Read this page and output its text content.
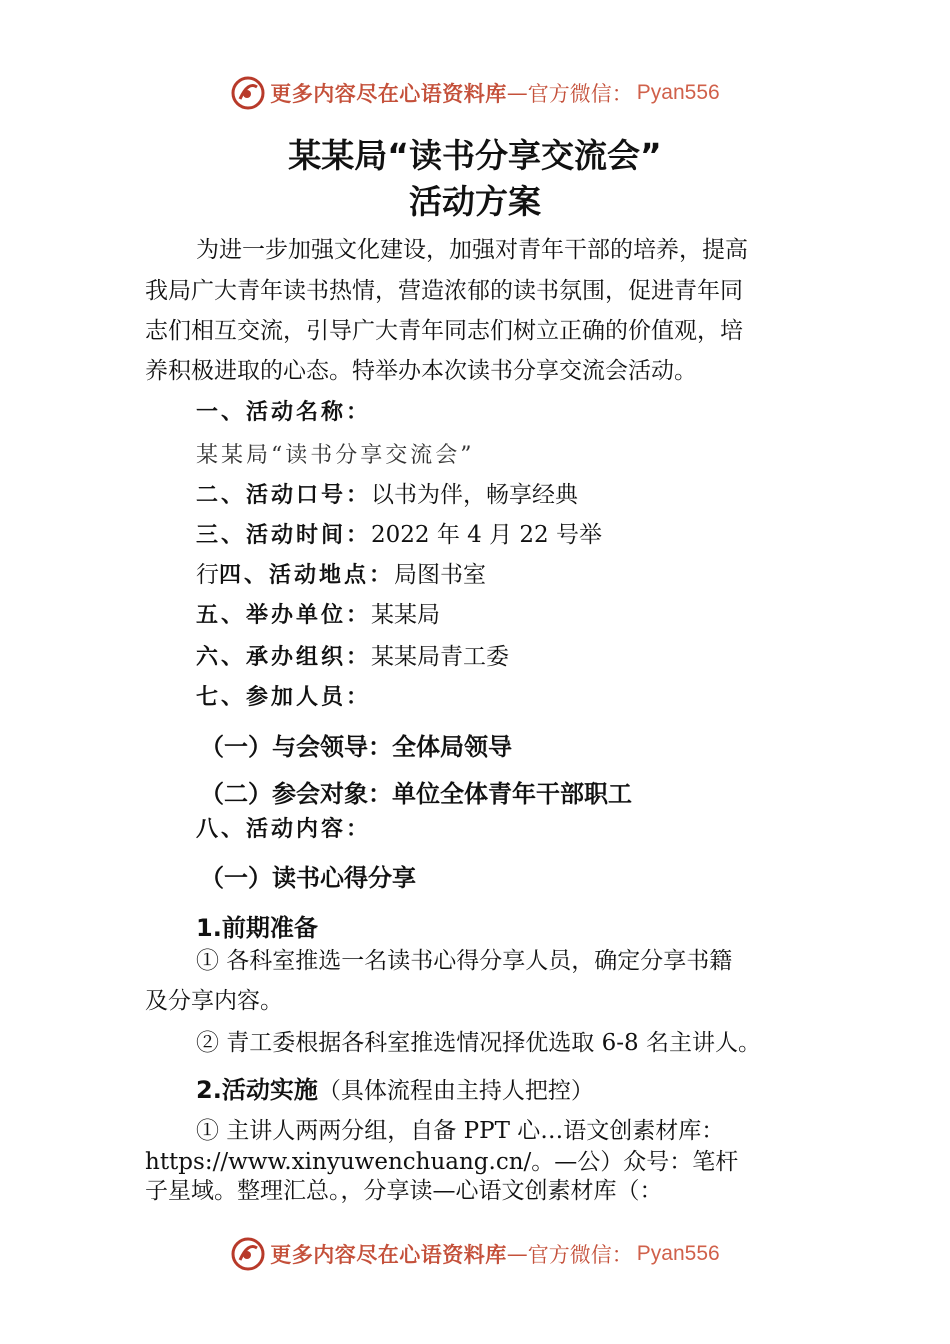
更多内容尽在心语资料库 — 官方微信： Pyan556
某某局“读书分享交流会”
活动方案
为进一步加强文化建设，加强对青年干部的培养，提高
我局广大青年读书热情，营造浓郁的读书氛围，促进青年同
志们相互交流，引导广大青年同志们树立正确的价值观，培
养积极进取的心态。特举办本次读书分享交流会活动。
一、活动名称：
某某局“读书分享交流会”
二、活动口号：以书为伴，畅享经典
三、活动时间：2022 年 4 月 22 号举
行四、活动地点：局图书室
五、举办单位：某某局
六、承办组织：某某局青工委
七、参加人员：
（一）与会领导：全体局领导
（二）参会对象：单位全体青年干部职工
八、活动内容：
（一）读书心得分享
1.前期准备
① 各科室推选一名读书心得分享人员，确定分享书籍
及分享内容。
② 青工委根据各科室推选情况择优选取 6-8 名主讲人。
2.活动实施（具体流程由主持人把控）
① 主讲人两两分组，自备 PPT 心…语文创素材库：
https://www.xinyuwenchuang.cn/。—公）众号：笔杆
子星域。整理汇总。，分享读—心语文创素材库（：
更多内容尽在心语资料库 — 官方微信： Pyan556
